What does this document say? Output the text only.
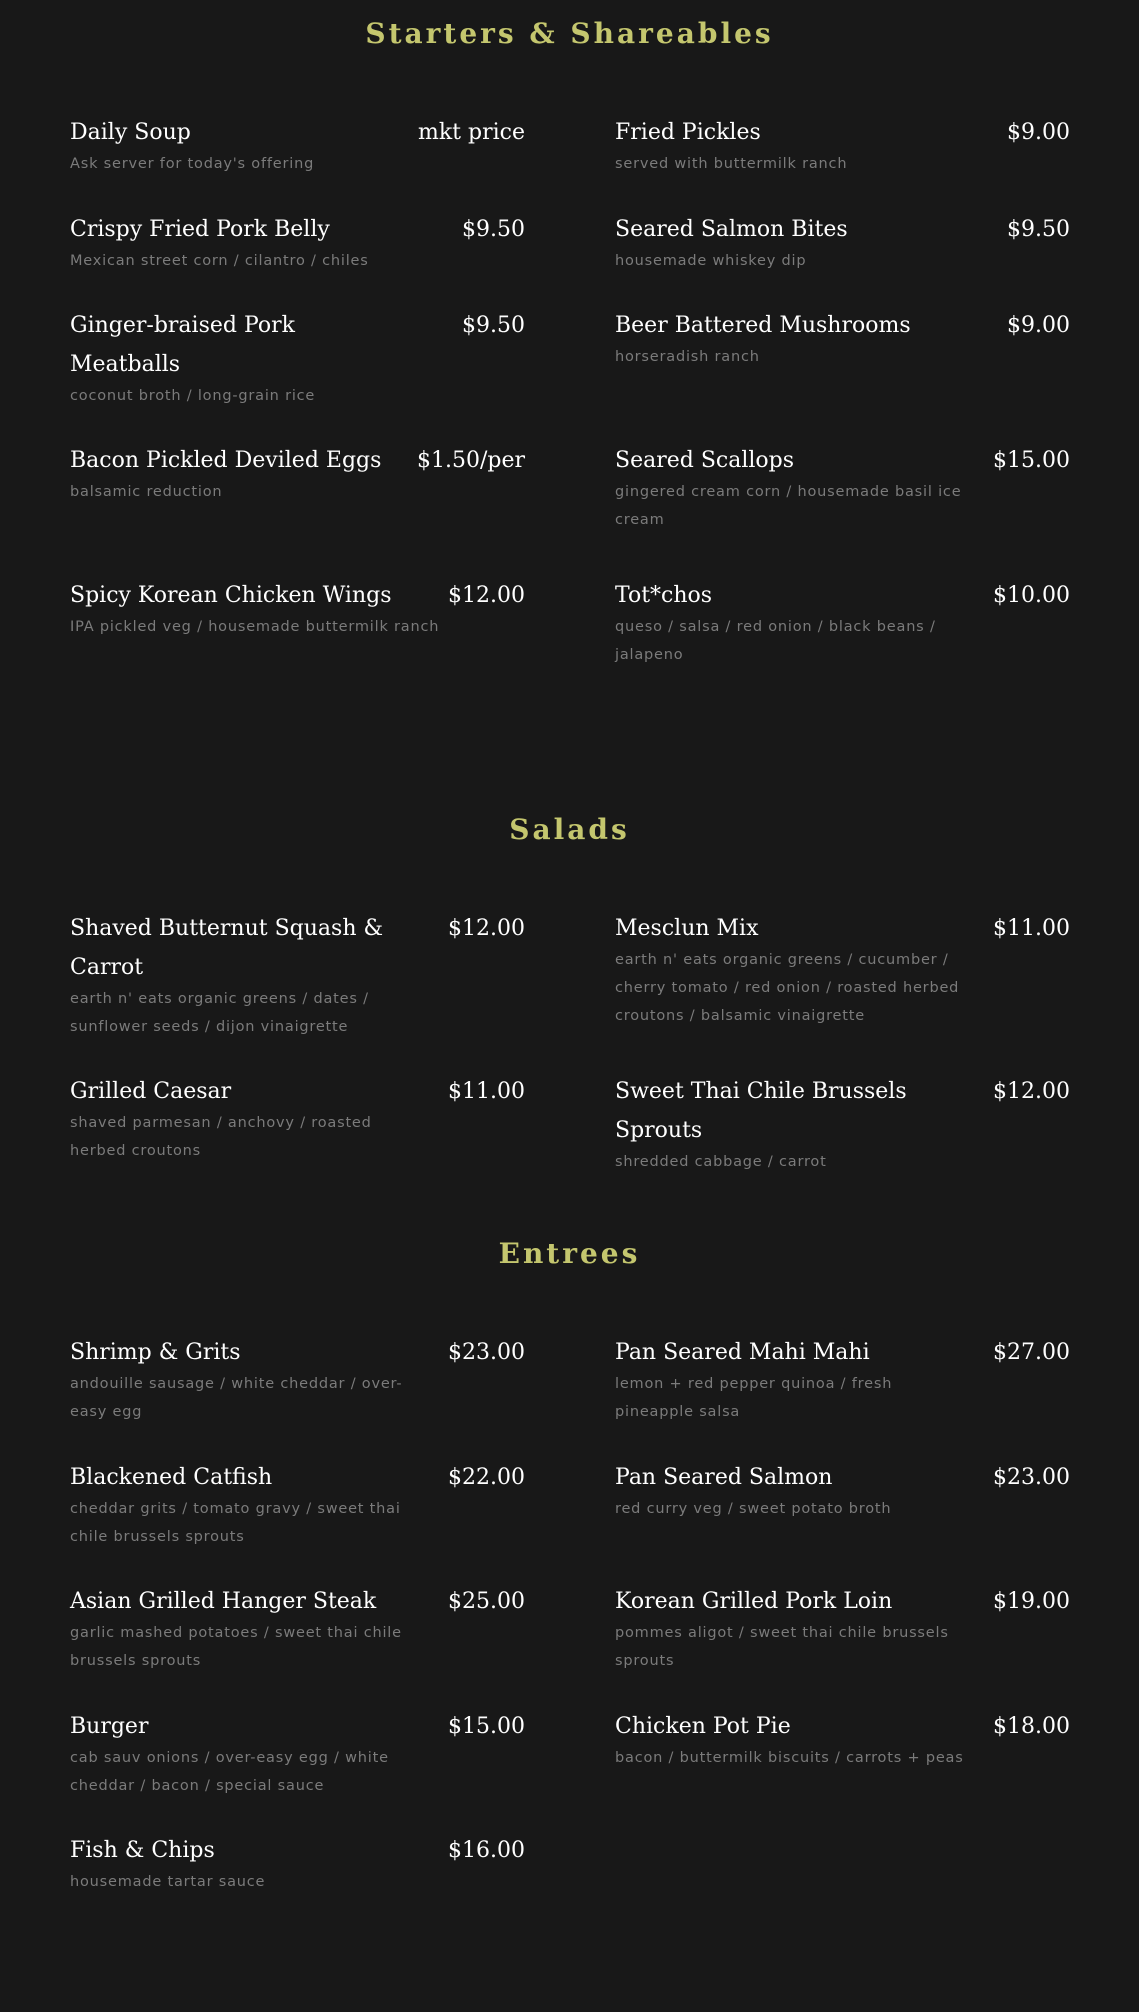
Starters & Shareables
Daily Soup	mkt price
Ask server for today's offering
Fried Pickles	$9.00
served with buttermilk ranch
Crispy Fried Pork Belly	$9.50
Mexican street corn / cilantro / chiles
Seared Salmon Bites	$9.50
housemade whiskey dip
Ginger-braised Pork Meatballs
$9.50
coconut broth / long-grain rice
Beer Battered Mushrooms	$9.00
horseradish ranch
Bacon Pickled Deviled Eggs	$1.50/per
balsamic reduction
Seared Scallops	$15.00
gingered cream corn / housemade basil ice cream
Spicy Korean Chicken Wings	$12.00
IPA pickled veg / housemade buttermilk ranch
Tot*chos	$10.00
queso / salsa / red onion / black beans / jalapeno
Salads
Shaved Butternut Squash & Carrot
$12.00
earth n' eats organic greens / dates / sunflower seeds / dijon vinaigrette
Mesclun Mix	$11.00
earth n' eats organic greens / cucumber / cherry tomato / red onion / roasted herbed croutons / balsamic vinaigrette
Grilled Caesar	$11.00
shaved parmesan / anchovy / roasted herbed croutons
Sweet Thai Chile Brussels Sprouts
$12.00
shredded cabbage / carrot
Entrees
Shrimp & Grits	$23.00
andouille sausage / white cheddar / over-easy egg
Pan Seared Mahi Mahi	$27.00
lemon + red pepper quinoa / fresh pineapple salsa
Blackened Catfish	$22.00
cheddar grits / tomato gravy / sweet thai chile brussels sprouts
Pan Seared Salmon	$23.00
red curry veg / sweet potato broth
Asian Grilled Hanger Steak	$25.00
garlic mashed potatoes / sweet thai chile brussels sprouts
Korean Grilled Pork Loin	$19.00
pommes aligot / sweet thai chile brussels sprouts
Burger	$15.00
cab sauv onions / over-easy egg / white cheddar / bacon / special sauce
Chicken Pot Pie	$18.00
bacon / buttermilk biscuits / carrots + peas
Fish & Chips	$16.00
housemade tartar sauce
